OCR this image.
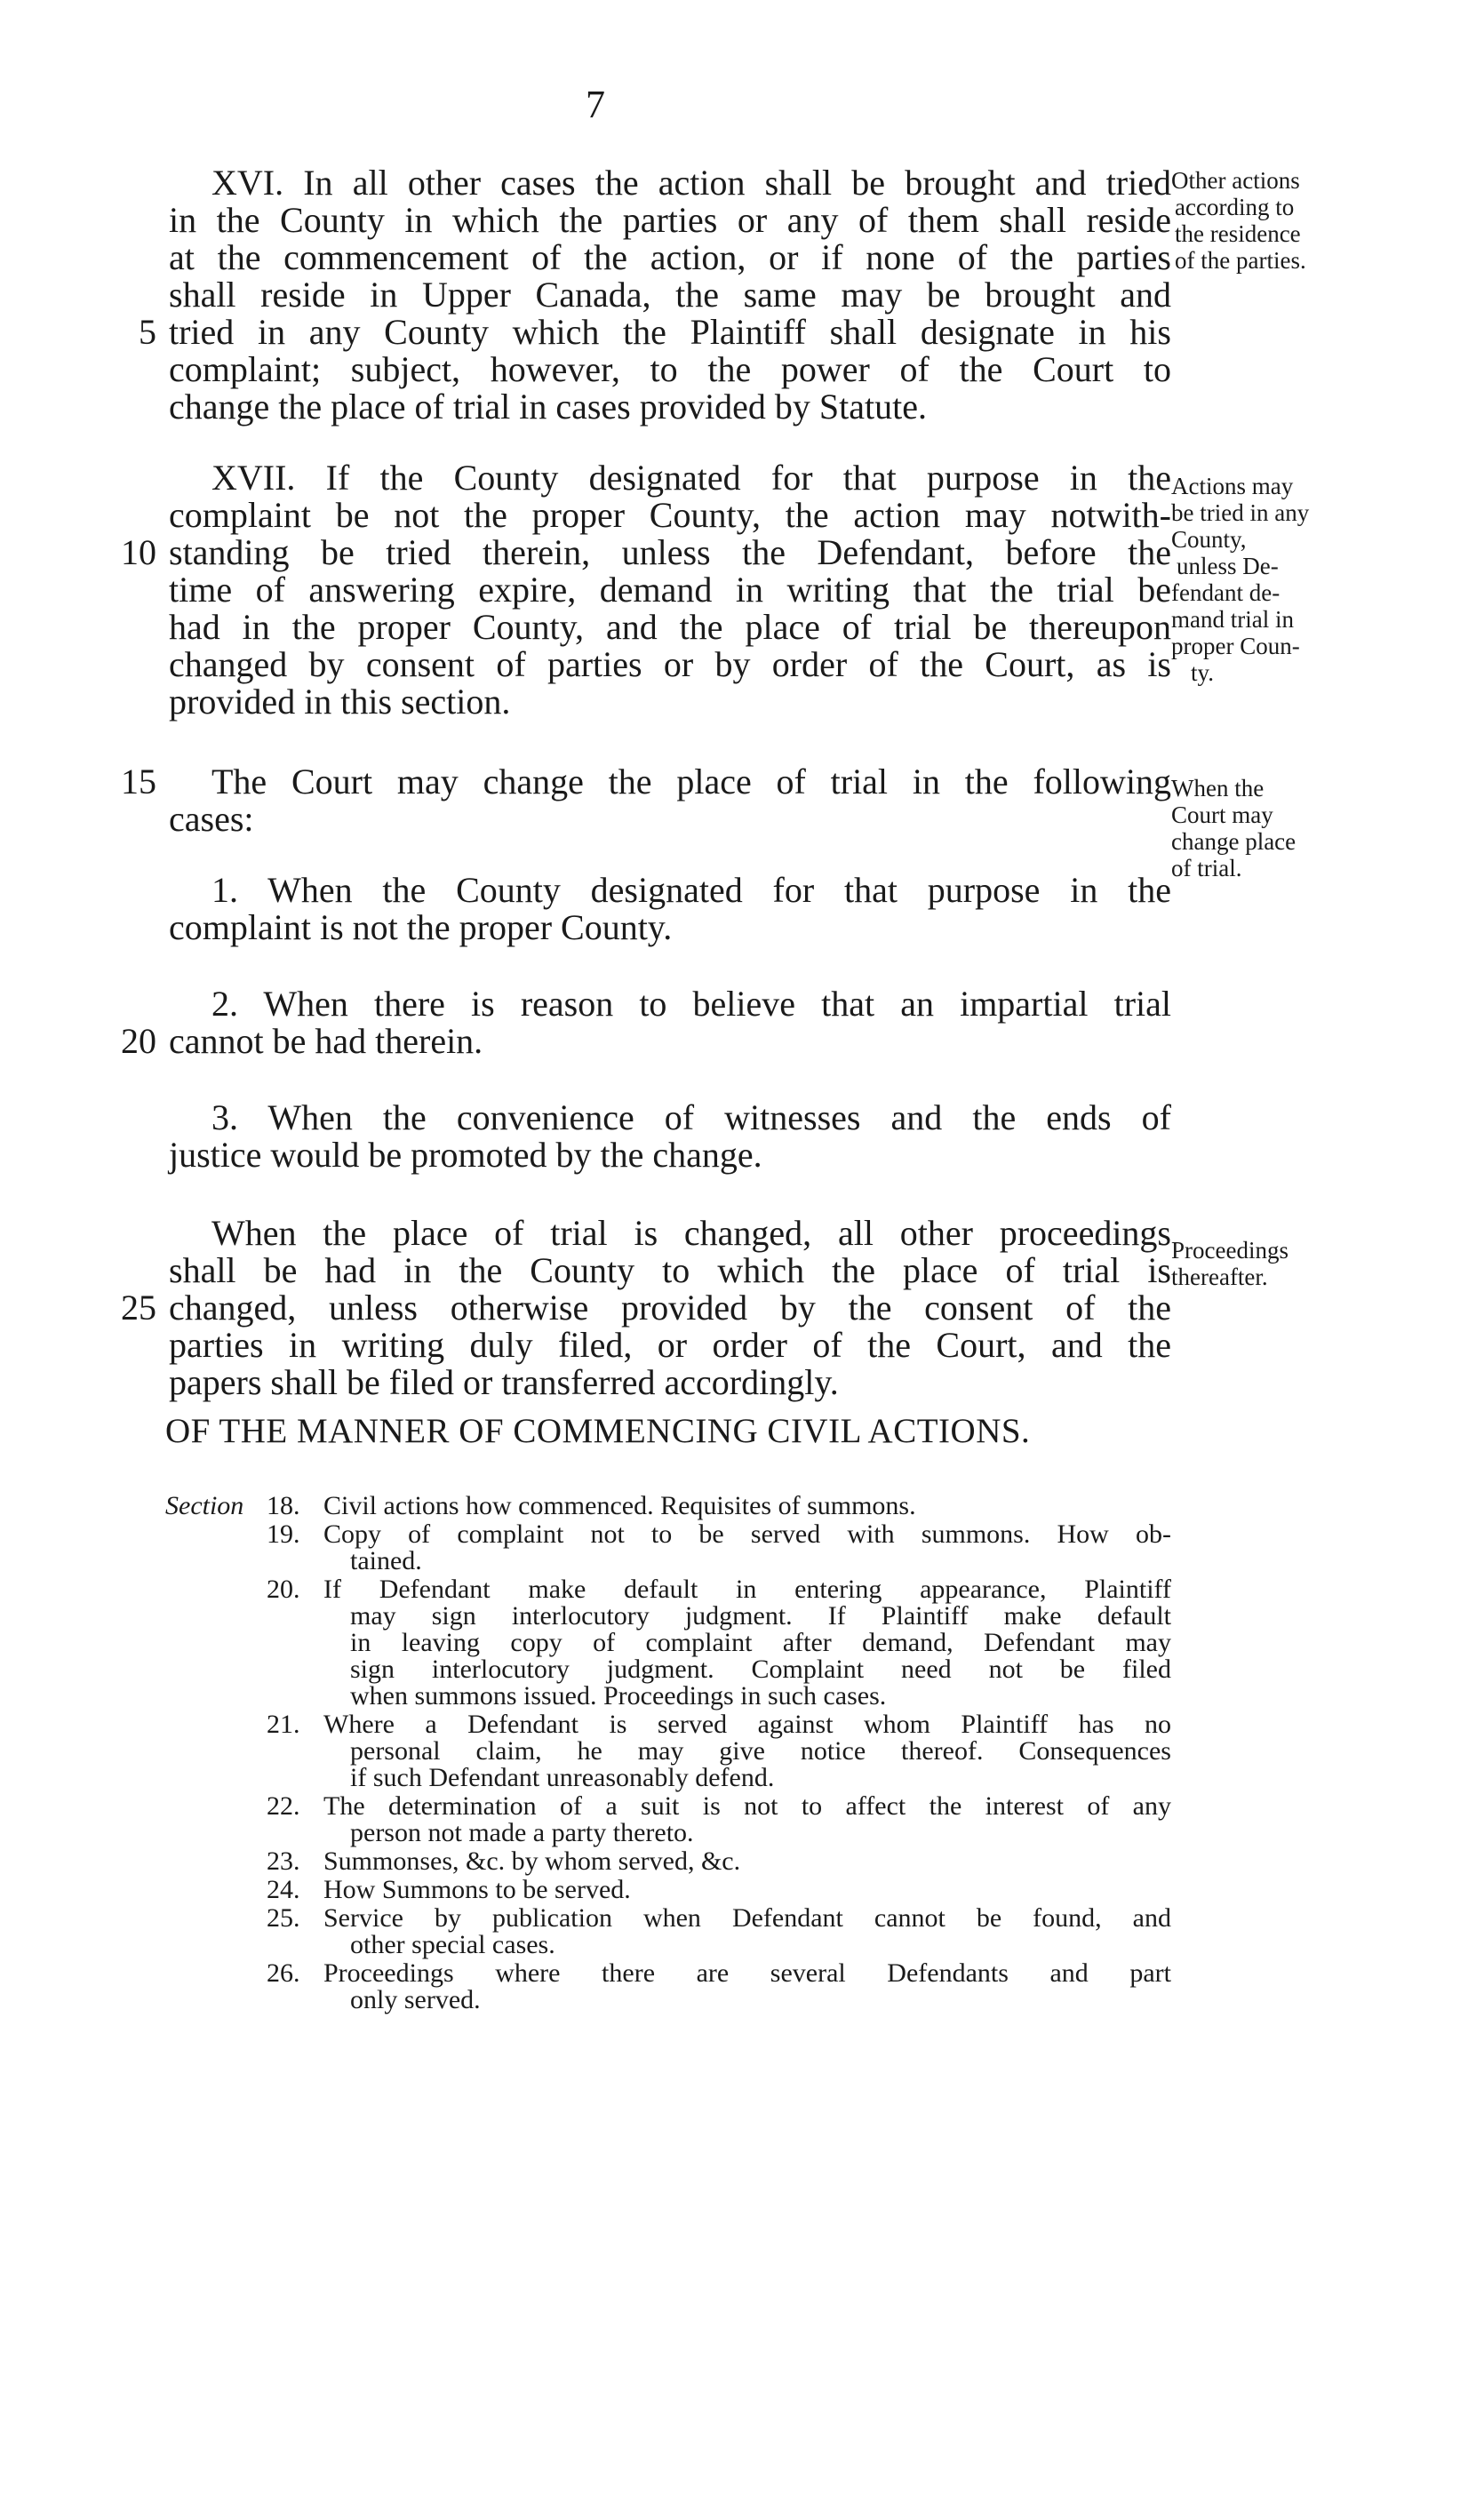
7
XVI. In all other cases the action shall be brought and tried
in the County in which the parties or any of them shall reside
at the commencement of the action, or if none of the parties
shall reside in Upper Canada, the same may be brought and
tried in any County which the Plaintiff shall designate in his
complaint; subject, however, to the power of the Court to
change the place of trial in cases provided by Statute.
Other actions
according to
the residence
of the parties.
XVII. If the County designated for that purpose in the
complaint be not the proper County, the action may notwith-
standing be tried therein, unless the Defendant, before the
time of answering expire, demand in writing that the trial be
had in the proper County, and the place of trial be thereupon
changed by consent of parties or by order of the Court, as is
provided in this section.
Actions may
be tried in any
County,
unless De-
fendant de-
mand trial in
proper Coun-
ty.
The Court may change the place of trial in the following
cases:
When the
Court may
change place
of trial.
1. When the County designated for that purpose in the
complaint is not the proper County.
2. When there is reason to believe that an impartial trial
cannot be had therein.
3. When the convenience of witnesses and the ends of
justice would be promoted by the change.
When the place of trial is changed, all other proceedings
shall be had in the County to which the place of trial is
changed, unless otherwise provided by the consent of the
parties in writing duly filed, or order of the Court, and the
papers shall be filed or transferred accordingly.
Proceedings
thereafter.
5
10
15
20
25
OF THE MANNER OF COMMENCING CIVIL ACTIONS.
Section 18. Civil actions how commenced. Requisites of summons.
19. Copy of complaint not to be served with summons. How ob-
tained.
20. If Defendant make default in entering appearance, Plaintiff
may sign interlocutory judgment. If Plaintiff make default
in leaving copy of complaint after demand, Defendant may
sign interlocutory judgment. Complaint need not be filed
when summons issued. Proceedings in such cases.
21. Where a Defendant is served against whom Plaintiff has no
personal claim, he may give notice thereof. Consequences
if such Defendant unreasonably defend.
22. The determination of a suit is not to affect the interest of any
person not made a party thereto.
23. Summonses, &c. by whom served, &c.
24. How Summons to be served.
25. Service by publication when Defendant cannot be found, and
other special cases.
26. Proceedings where there are several Defendants and part
only served.
